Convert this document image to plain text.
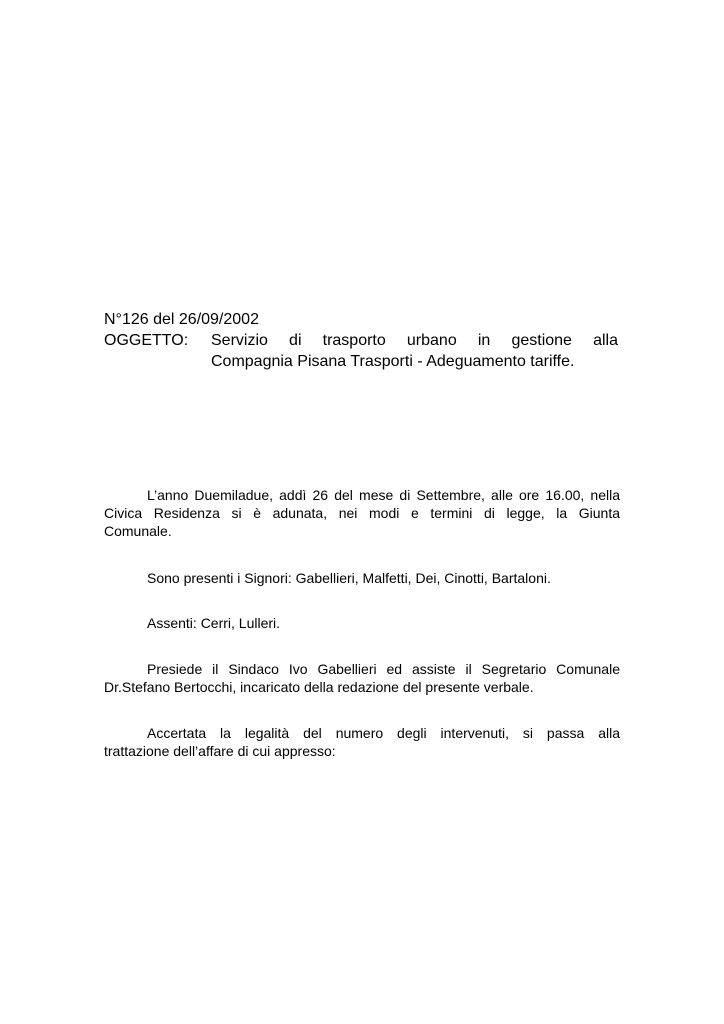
N°126 del 26/09/2002
OGGETTO:	Servizio di trasporto urbano in gestione alla
Compagnia Pisana Trasporti - Adeguamento tariffe.
L’anno Duemiladue, addì 26 del mese di Settembre, alle ore 16.00, nella
Civica Residenza si è adunata, nei modi e termini di legge, la Giunta
Comunale.
Sono presenti i Signori: Gabellieri, Malfetti, Dei, Cinotti, Bartaloni.
Assenti: Cerri, Lulleri.
Presiede il Sindaco Ivo Gabellieri ed assiste il Segretario Comunale
Dr.Stefano Bertocchi, incaricato della redazione del presente verbale.
Accertata la legalità del numero degli intervenuti, si passa alla
trattazione dell’affare di cui appresso:
